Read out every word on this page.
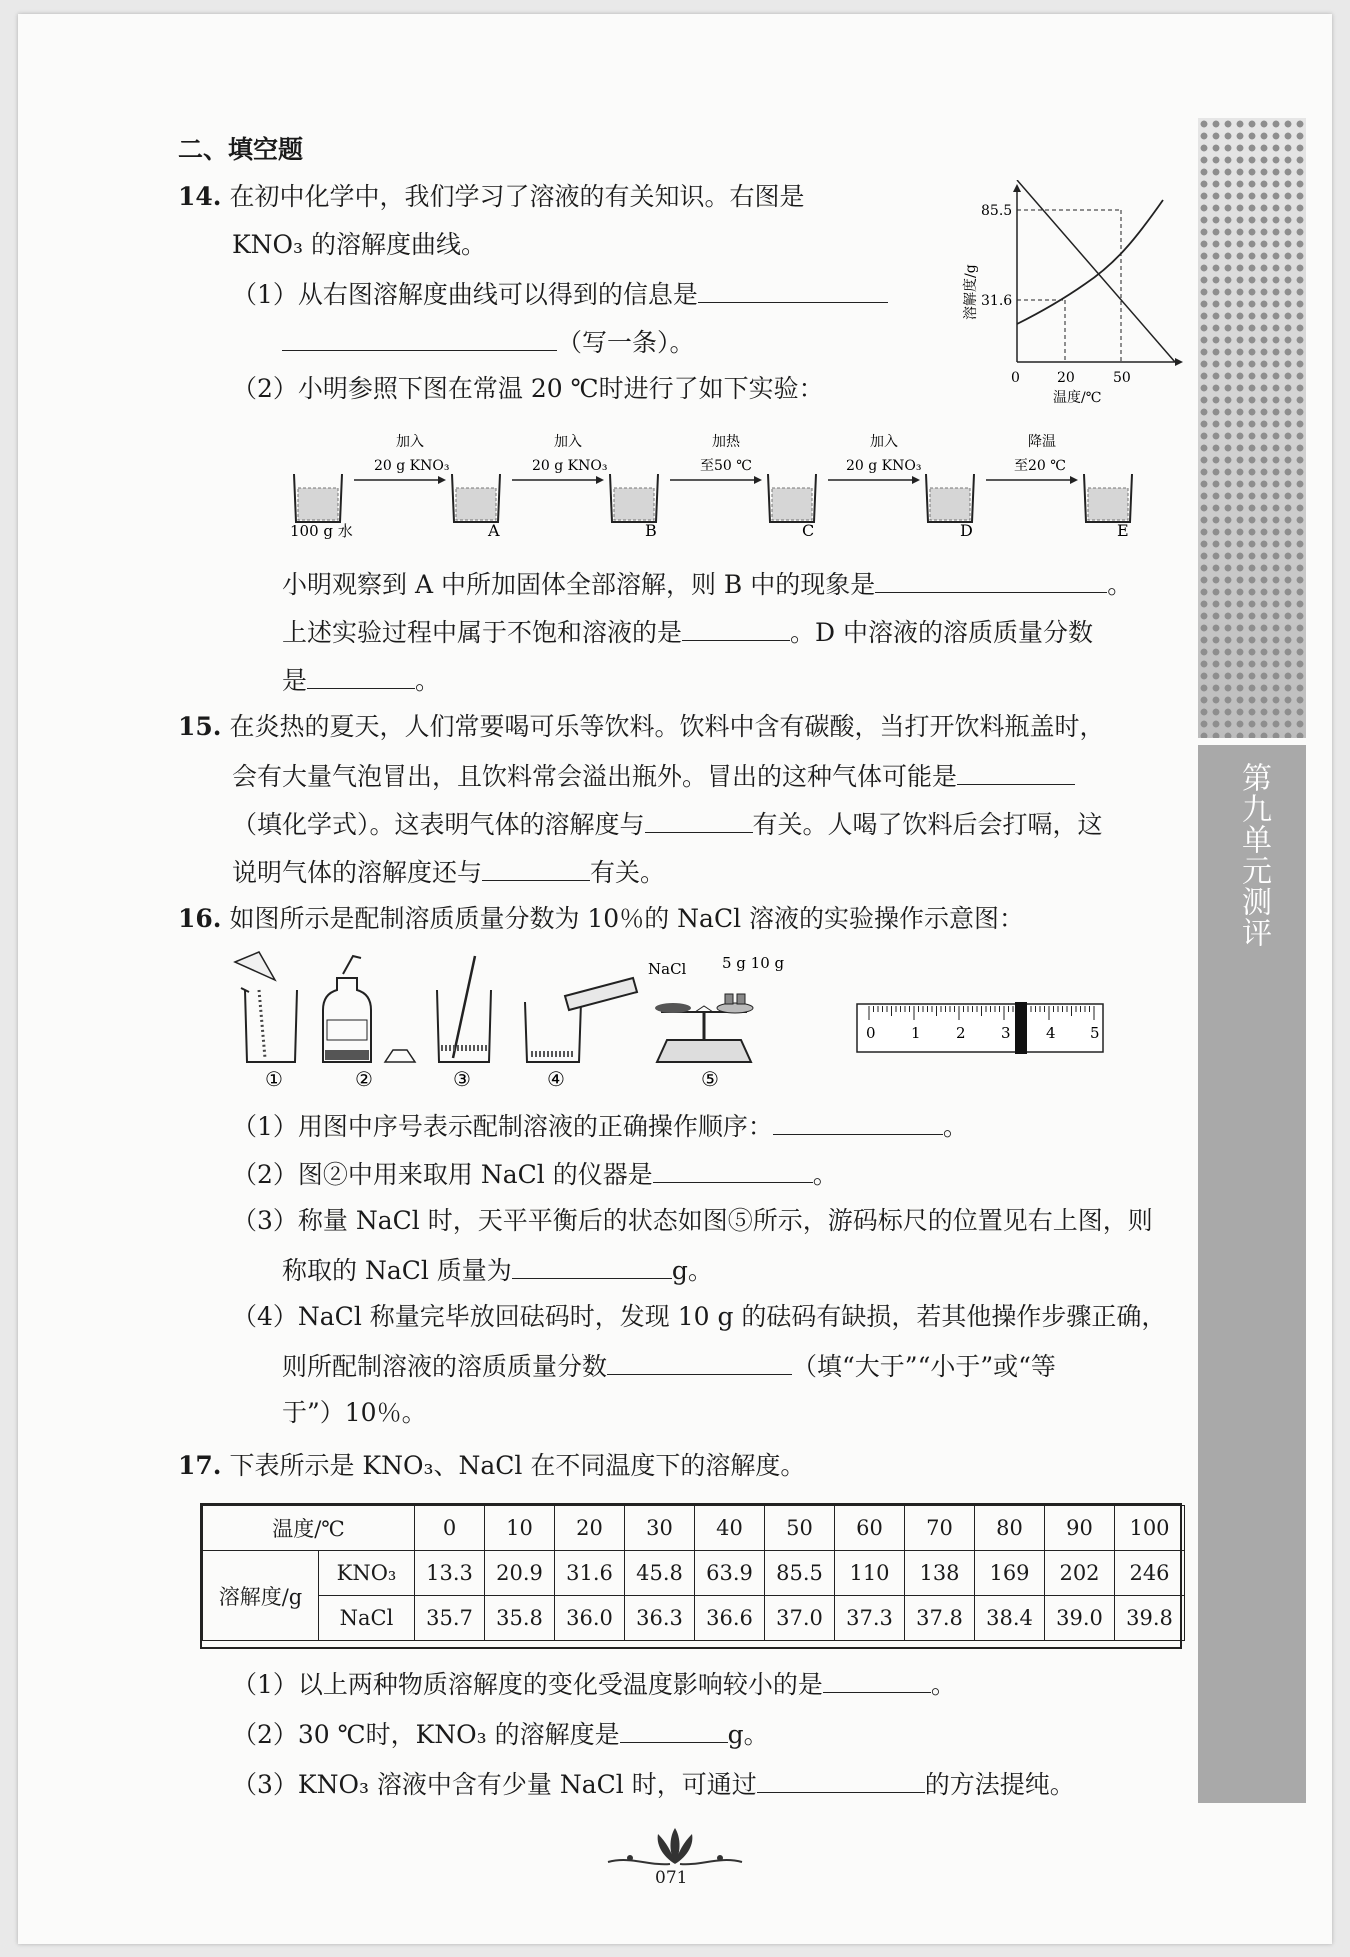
第九单元测评
二、填空题
14. 在初中化学中，我们学习了溶液的有关知识。右图是
KNO₃ 的溶解度曲线。
（1）从右图溶解度曲线可以得到的信息是
（写一条）。
（2）小明参照下图在常温 20 ℃时进行了如下实验：
85.5
31.6
0	20	50
温度/℃
溶解度/g
100 g 水	A	B	C	D	E
加入
20 g KNO₃
加入
20 g KNO₃
加热
至50 ℃
加入
20 g KNO₃
降温
至20 ℃
小明观察到 A 中所加固体全部溶解，则 B 中的现象是	。
上述实验过程中属于不饱和溶液的是	。D 中溶液的溶质质量分数
是	。
15. 在炎热的夏天，人们常要喝可乐等饮料。饮料中含有碳酸，当打开饮料瓶盖时，
会有大量气泡冒出，且饮料常会溢出瓶外。冒出的这种气体可能是
（填化学式）。这表明气体的溶解度与	有关。人喝了饮料后会打嗝，这
说明气体的溶解度还与	有关。
16. 如图所示是配制溶质质量分数为 10％的 NaCl 溶液的实验操作示意图：
NaCl 5 g 10 g
①	②	③	④	⑤
0 1 2 3 4 5
（1）用图中序号表示配制溶液的正确操作顺序：	。
（2）图②中用来取用 NaCl 的仪器是	。
（3）称量 NaCl 时，天平平衡后的状态如图⑤所示，游码标尺的位置见右上图，则
称取的 NaCl 质量为	g。
（4）NaCl 称量完毕放回砝码时，发现 10 g 的砝码有缺损，若其他操作步骤正确，
则所配制溶液的溶质质量分数	（填“大于”“小于”或“等
于”）10％。
17. 下表所示是 KNO₃、NaCl 在不同温度下的溶解度。
温度/℃		0	10	20	30	40	50	60	70	80	90	100
溶解度/g	KNO₃	13.3	20.9	31.6	45.8	63.9	85.5	110	138	169	202	246
	NaCl	35.7	35.8	36.0	36.3	36.6	37.0	37.3	37.8	38.4	39.0	39.8
（1）以上两种物质溶解度的变化受温度影响较小的是	。
（2）30 ℃时，KNO₃ 的溶解度是	g。
（3）KNO₃ 溶液中含有少量 NaCl 时，可通过	的方法提纯。
071
